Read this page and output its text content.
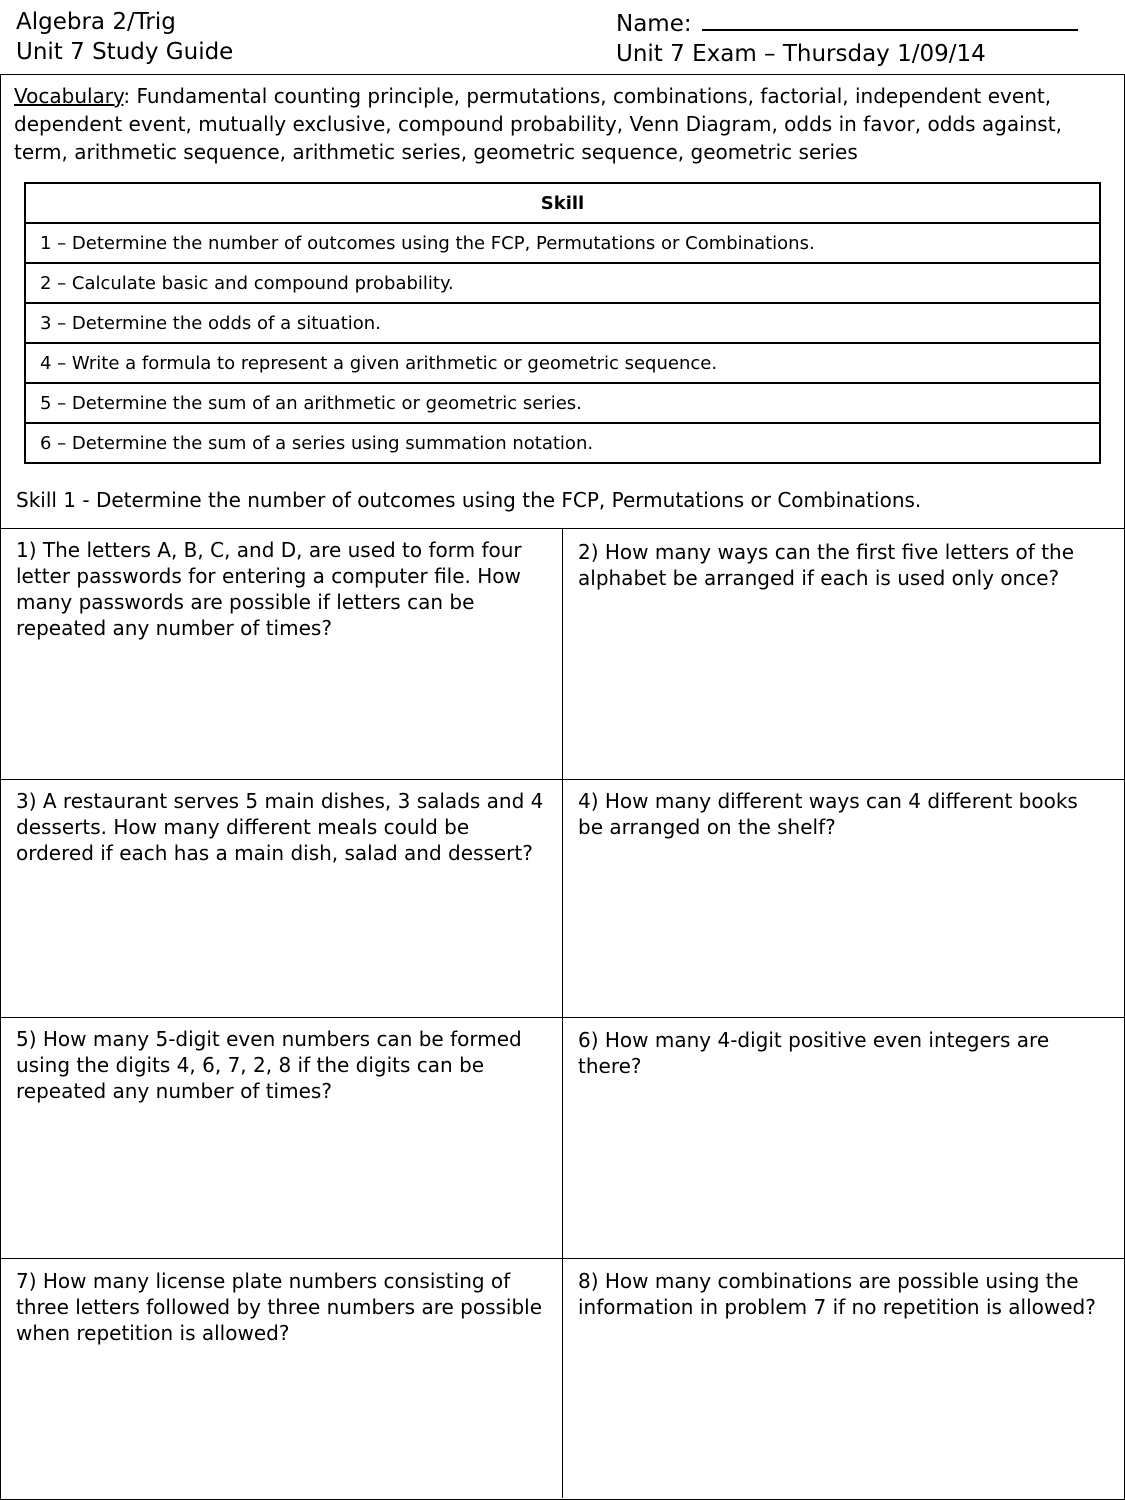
Algebra 2/Trig
Unit 7 Study Guide
Name:
Unit 7 Exam – Thursday 1/09/14
Vocabulary: Fundamental counting principle, permutations, combinations, factorial, independent event, dependent event, mutually exclusive, compound probability, Venn Diagram, odds in favor, odds against, term, arithmetic sequence, arithmetic series, geometric sequence, geometric series
Skill
1 – Determine the number of outcomes using the FCP, Permutations or Combinations.
2 – Calculate basic and compound probability.
3 – Determine the odds of a situation.
4 – Write a formula to represent a given arithmetic or geometric sequence.
5 – Determine the sum of an arithmetic or geometric series.
6 – Determine the sum of a series using summation notation.
Skill 1 - Determine the number of outcomes using the FCP, Permutations or Combinations.
1) The letters A, B, C, and D, are used to form four letter passwords for entering a computer file. How many passwords are possible if letters can be repeated any number of times?
2) How many ways can the first five letters of the alphabet be arranged if each is used only once?
3) A restaurant serves 5 main dishes, 3 salads and 4 desserts. How many different meals could be ordered if each has a main dish, salad and dessert?
4) How many different ways can 4 different books be arranged on the shelf?
5) How many 5-digit even numbers can be formed using the digits 4, 6, 7, 2, 8 if the digits can be repeated any number of times?
6) How many 4-digit positive even integers are there?
7) How many license plate numbers consisting of three letters followed by three numbers are possible when repetition is allowed?
8) How many combinations are possible using the information in problem 7 if no repetition is allowed?
